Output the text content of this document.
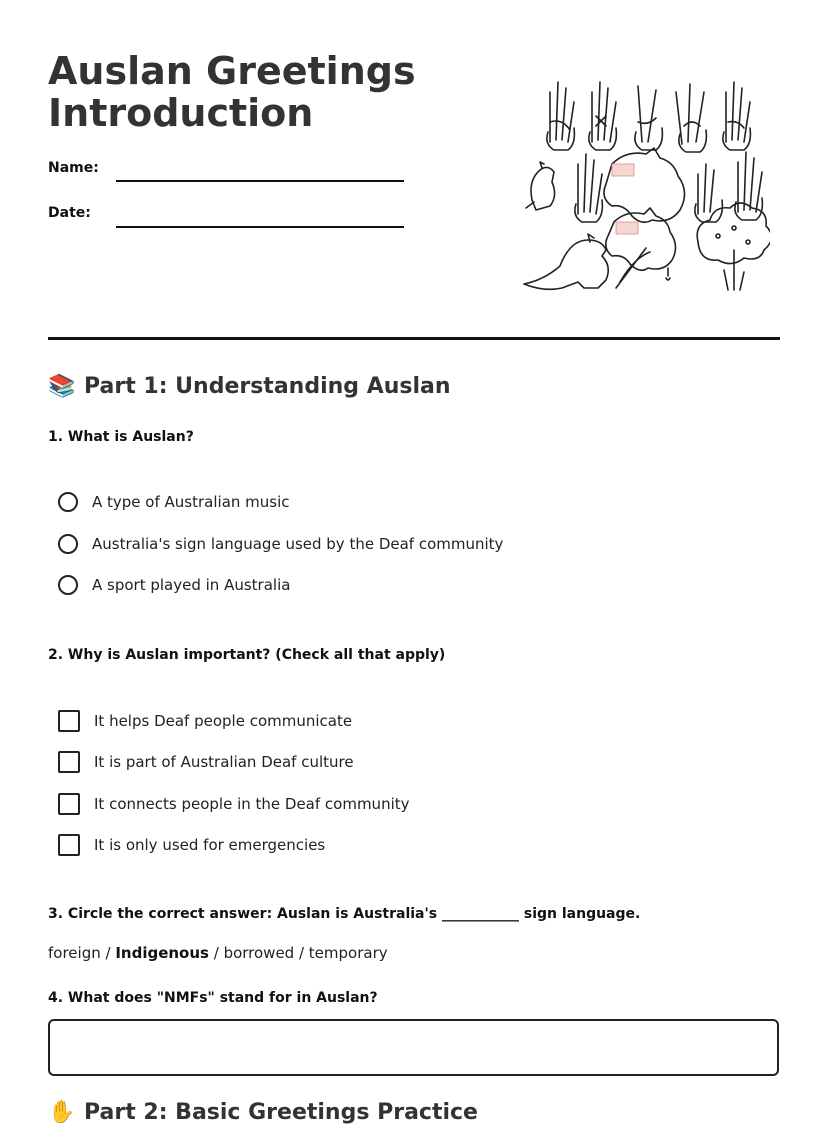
Auslan Greetings Introduction
Name:
Date:
📚 Part 1: Understanding Auslan
1. What is Auslan?
A type of Australian music
Australia's sign language used by the Deaf community
A sport played in Australia
2. Why is Auslan important? (Check all that apply)
It helps Deaf people communicate
It is part of Australian Deaf culture
It connects people in the Deaf community
It is only used for emergencies
3. Circle the correct answer: Auslan is Australia's ___________ sign language.
foreign / Indigenous / borrowed / temporary
4. What does "NMFs" stand for in Auslan?
✋ Part 2: Basic Greetings Practice
